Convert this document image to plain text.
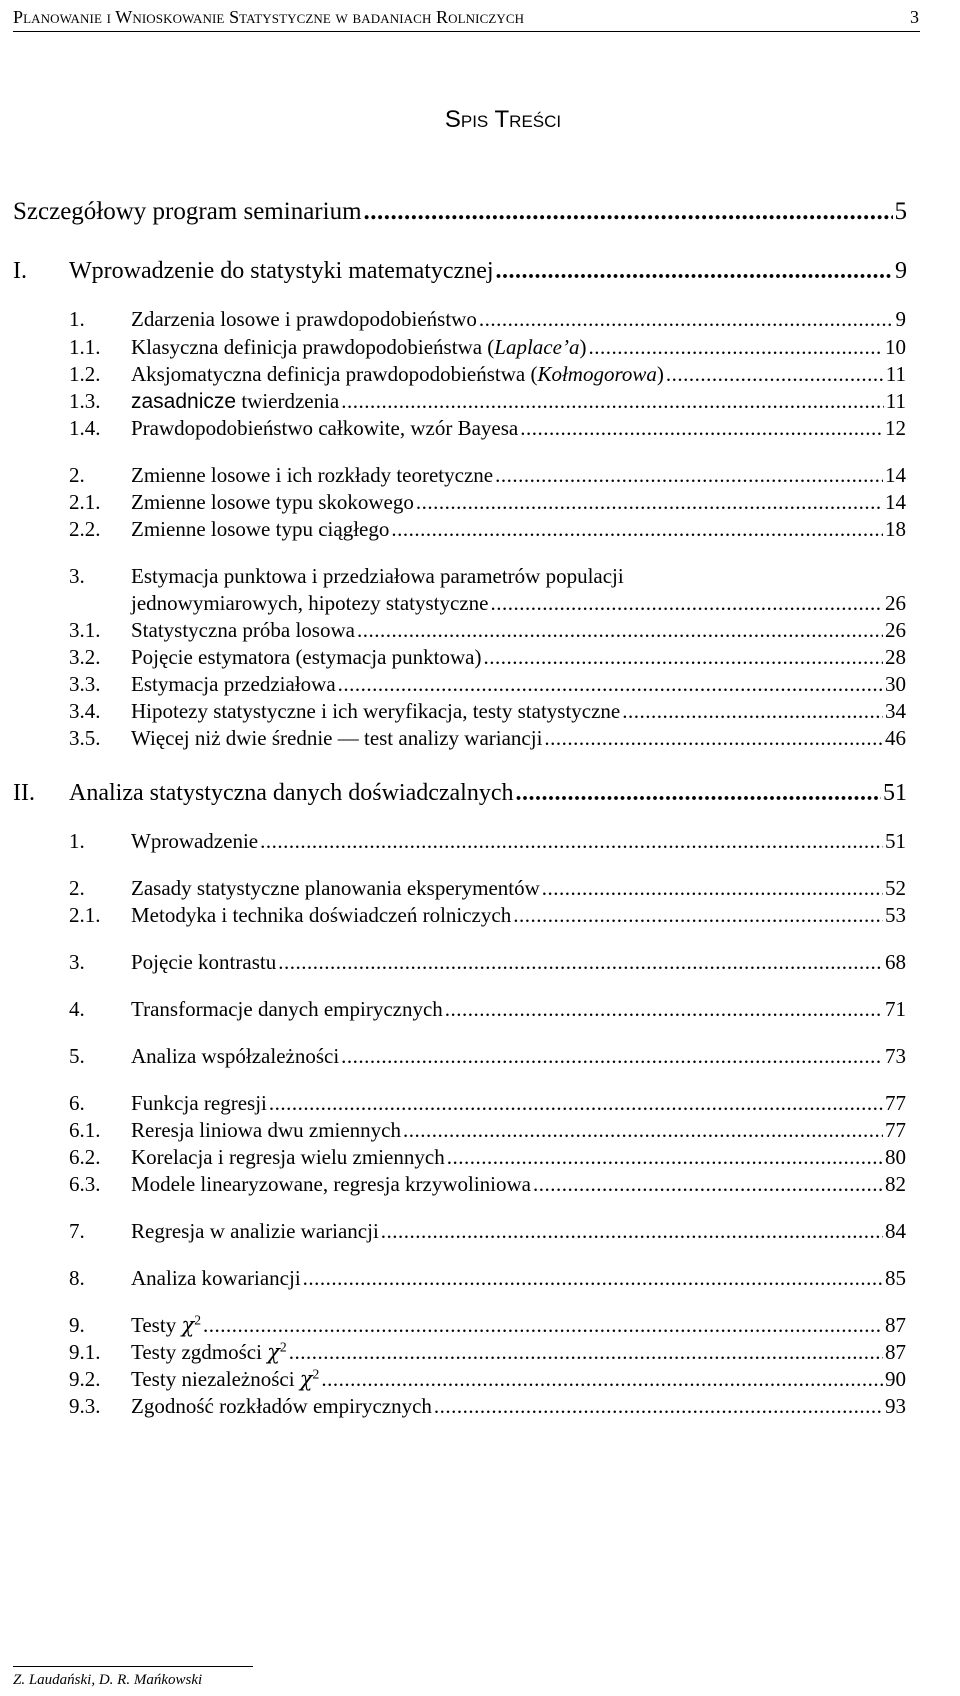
Planowanie i Wnioskowanie Statystyczne w badaniach Rolniczych	3
Spis Treści
Szczegółowy program seminarium .....	5
I.	Wprowadzenie do statystyki matematycznej .....	9
1.	Zdarzenia losowe i prawdopodobieństwo .....	9
1.1.	Klasyczna definicja prawdopodobieństwa (Laplace’a) .....	10
1.2.	Aksjomatyczna definicja prawdopodobieństwa (Kołmogorowa) .....	11
1.3.	zasadnicze twierdzenia .....	11
1.4.	Prawdopodobieństwo całkowite, wzór Bayesa .....	12
2.	Zmienne losowe i ich rozkłady teoretyczne .....	14
2.1.	Zmienne losowe typu skokowego .....	14
2.2.	Zmienne losowe typu ciągłego .....	18
3.	Estymacja punktowa i przedziałowa parametrów populacji
jednowymiarowych, hipotezy statystyczne .....	26
3.1.	Statystyczna próba losowa .....	26
3.2.	Pojęcie estymatora (estymacja punktowa) .....	28
3.3.	Estymacja przedziałowa .....	30
3.4.	Hipotezy statystyczne i ich weryfikacja, testy statystyczne .....	34
3.5.	Więcej niż dwie średnie — test analizy wariancji .....	46
II.	Analiza statystyczna danych doświadczalnych .....	51
1.	Wprowadzenie .....	51
2.	Zasady statystyczne planowania eksperymentów .....	52
2.1.	Metodyka i technika doświadczeń rolniczych .....	53
3.	Pojęcie kontrastu .....	68
4.	Transformacje danych empirycznych .....	71
5.	Analiza współzależności .....	73
6.	Funkcja regresji .....	77
6.1.	Reresja liniowa dwu zmiennych .....	77
6.2.	Korelacja i regresja wielu zmiennych .....	80
6.3.	Modele linearyzowane, regresja krzywoliniowa .....	82
7.	Regresja w analizie wariancji .....	84
8.	Analiza kowariancji .....	85
9.	Testy $\chi^2$ .....	87
9.1.	Testy zgdmości $\chi^2$ .....	87
9.2.	Testy niezależności $\chi^2$ .....	90
9.3.	Zgodność rozkładów empirycznych .....	93
Z. Laudański, D. R. Mańkowski
